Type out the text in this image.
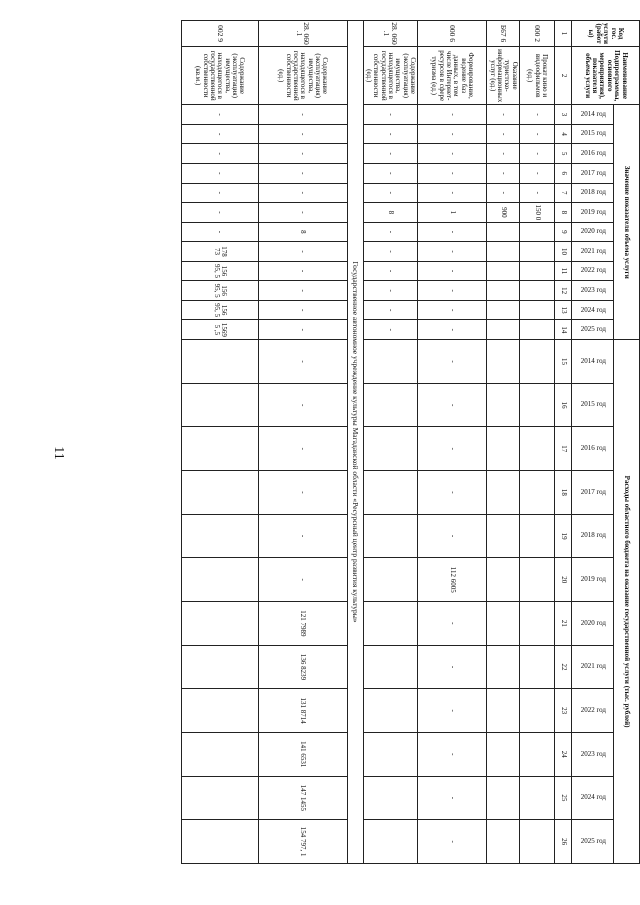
11
Код гос. услуги (работы)	Наименование Подпрограммы, основного мероприятия), показателя объема услуги	Значение показателя объема услуги												Расходы областного бюджета на оказание государственной услуги (тыс. рублей)											
		2014 год	2015 год	2016 год	2017 год	2018 год	2019 год	2020 год	2021 год	2022 год	2023 год	2024 год	2025 год	2014 год	2015 год	2016 год	2017 год	2018 год	2019 год	2020 год	2021 год	2022 год	2023 год	2024 год	2025 год
1	2	3	4	5	6	7	8	9	10	11	12	13	14	15	16	17	18	19	20	21	22	23	24	25	26
000 2	Прокат кино и видеофильмов (ед.)	-	-	-	-	-	150 0																		
Б67 6	Оказание туристско-информационных услуг (ед.)	-	-	-	-	-	900																		
000 6	Формирование, ведение баз данных, в том числе Интернет-ресурсов в сфере туризма (ед.)	-	-	-	-	-	1	-	-	-	-	-	-	-	-	-	-	-	112 6005	-	-	-	-	-	-
28. 060 .1	Содержание (эксплуатация) имущества, находящегося в государственной собственности (ед.)	-	-	-	-	-	8	-	-	-	-	-	-												
Государственное автономное учреждение культуры Магаданской области «Ресурсный центр развития культуры»																									
28. 060 .1	Содержание (эксплуатация) имущества, находящегося в государственной собственности (ед.)	-	-	-	-	-	-	8	-	-	-	-	-	-	-	-	-	-	-	121 7989	136 8239	131 8714	141 6531	147 1455	154 797, 1
002 9	Содержание (эксплуатация) имущества, находящегося в государственной собственности (кв.м.)	-	-	-	-	-	-	-	178 73	156 95, 5	156 95, 5	156 95, 5	15695 ,5												
